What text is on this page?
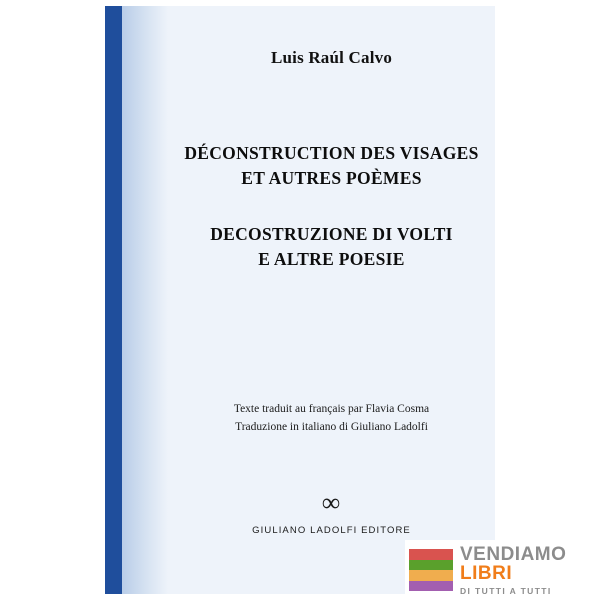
Luis Raúl Calvo
DÉCONSTRUCTION DES VISAGES
ET AUTRES POÈMES
DECOSTRUZIONE DI VOLTI
E ALTRE POESIE
Texte traduit au français par Flavia Cosma
Traduzione in italiano di Giuliano Ladolfi
∞
GIULIANO LADOLFI EDITORE
VENDIAMO
LIBRI
DI TUTTI A TUTTI
